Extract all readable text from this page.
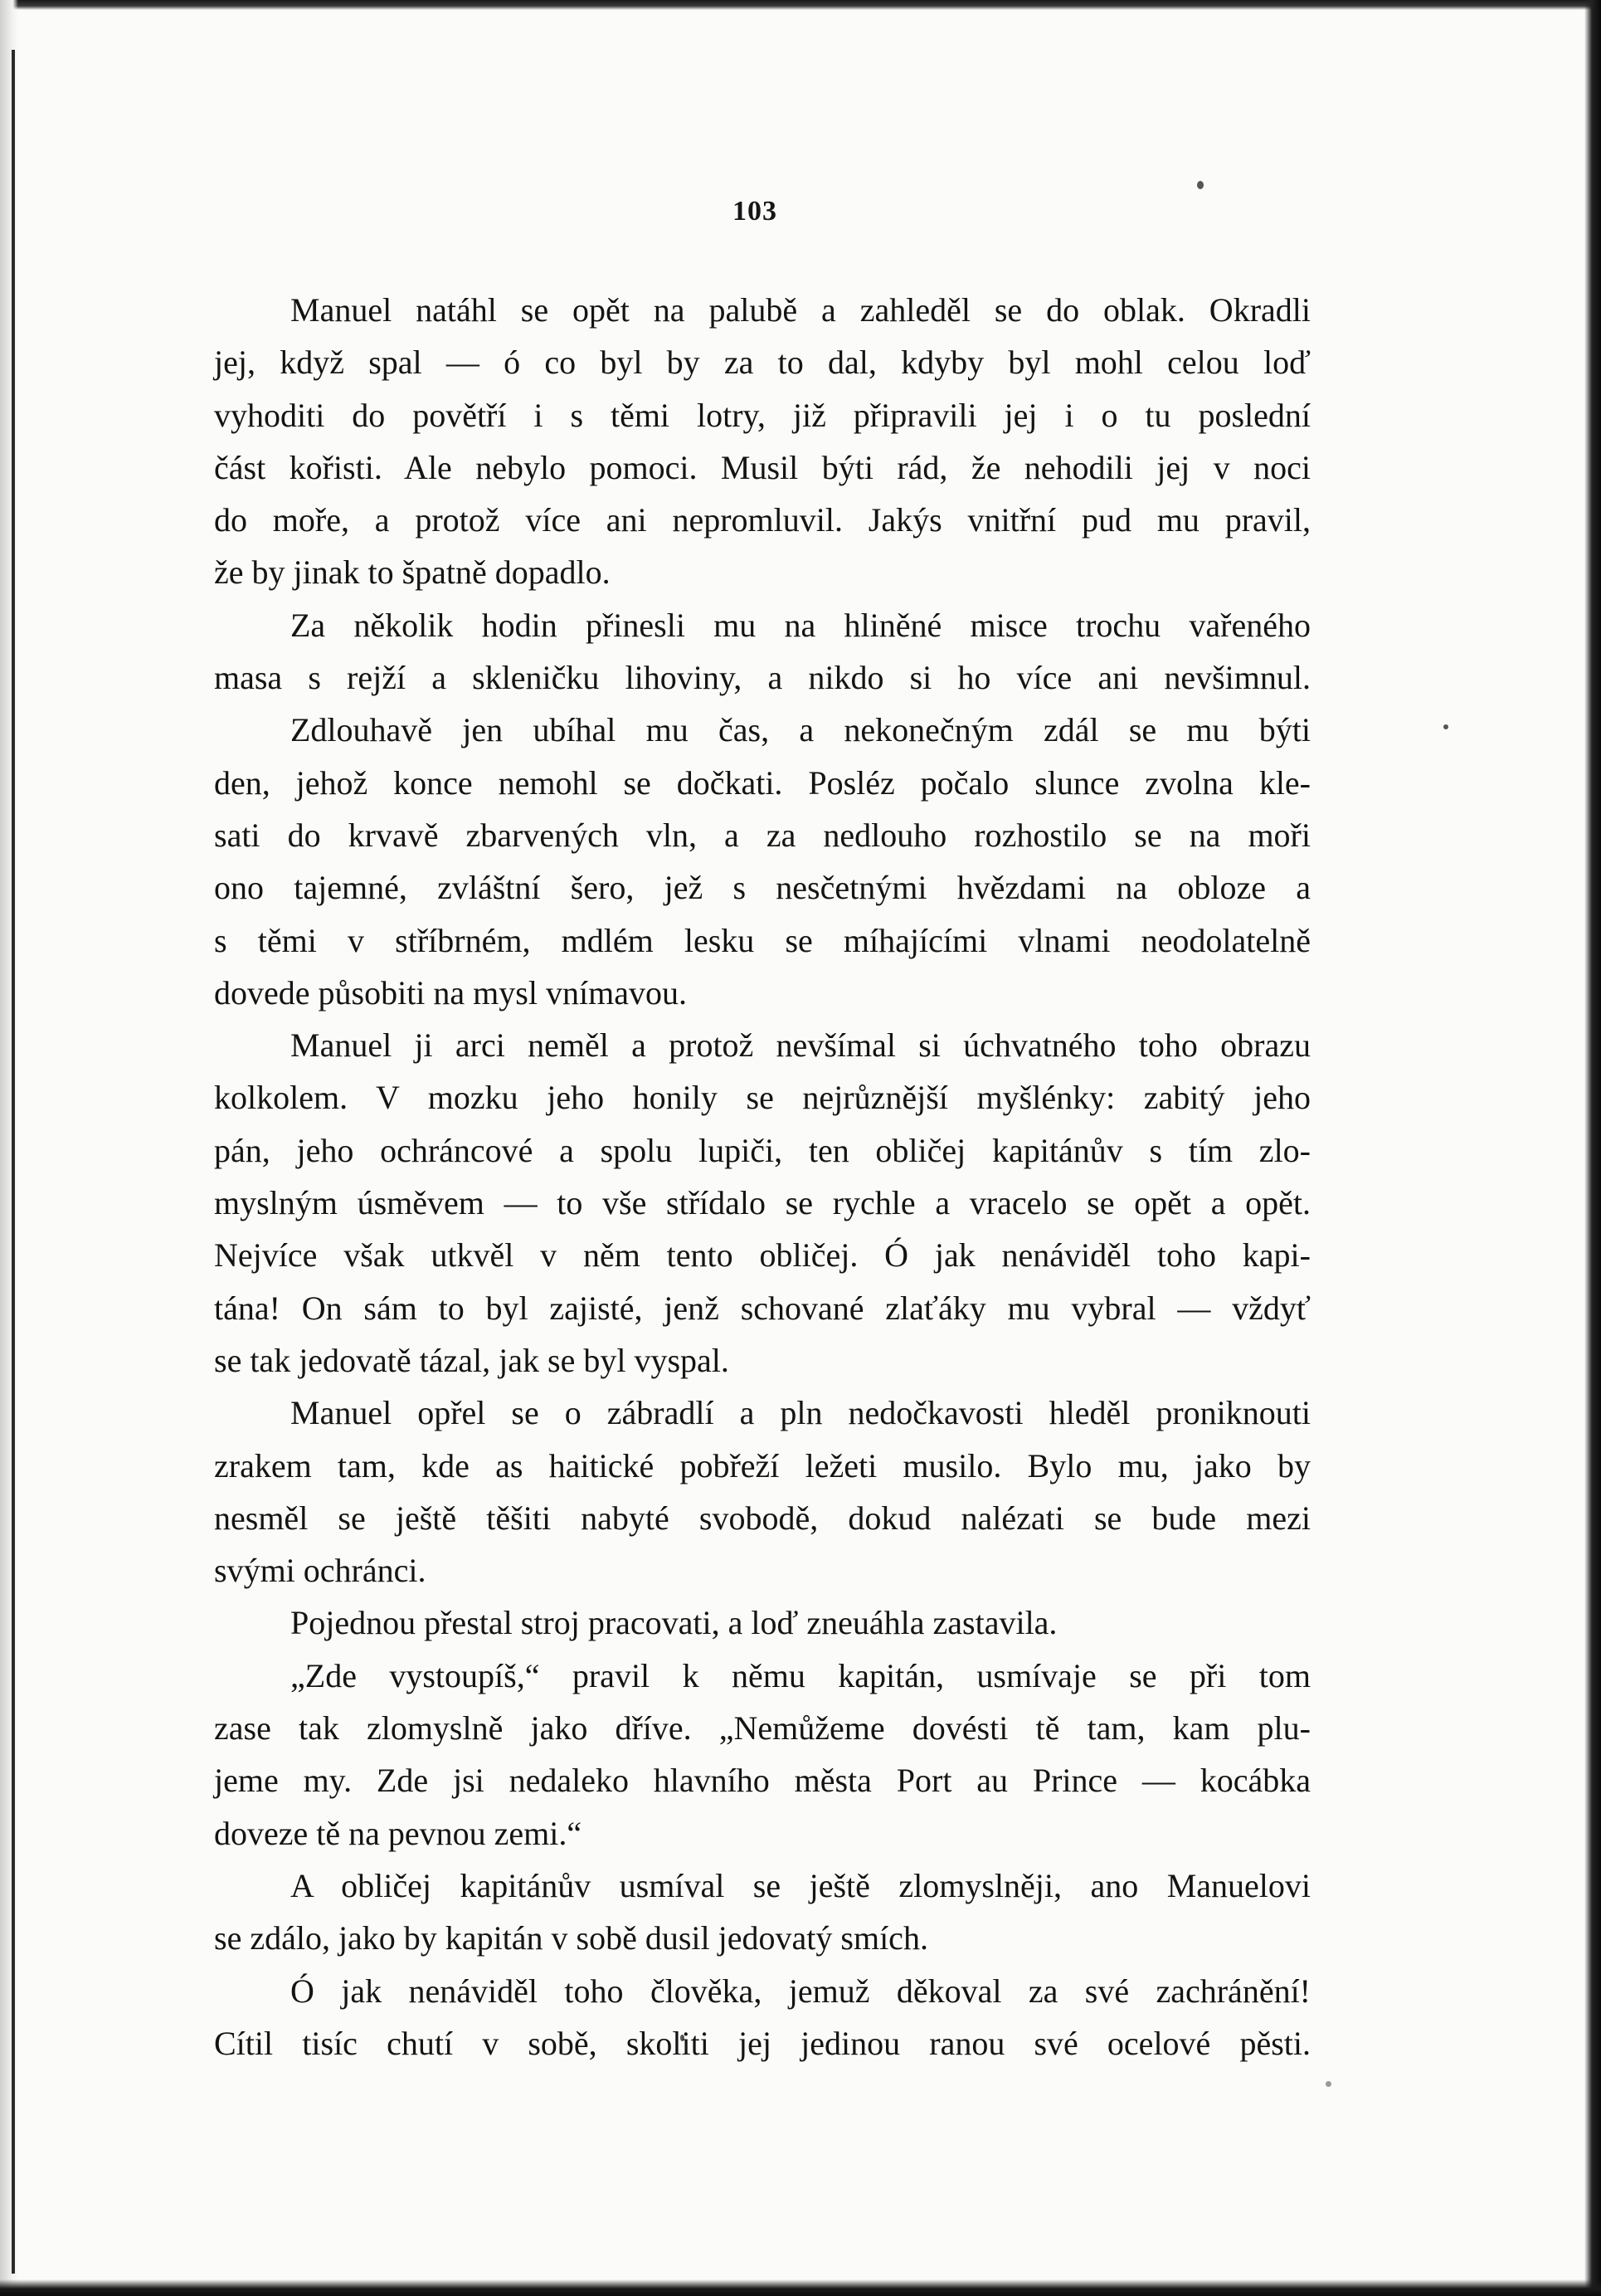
103
Manuel natáhl se opět na palubě a zahleděl se do oblak. Okradli
jej, když spal — ó co byl by za to dal, kdyby byl mohl celou loď
vyhoditi do povětří i s těmi lotry, již připravili jej i o tu poslední
část kořisti. Ale nebylo pomoci. Musil býti rád, že nehodili jej v noci
do moře, a protož více ani nepromluvil. Jakýs vnitřní pud mu pravil,
že by jinak to špatně dopadlo.
Za několik hodin přinesli mu na hliněné misce trochu vařeného
masa s rejží a skleničku lihoviny, a nikdo si ho více ani nevšimnul.
Zdlouhavě jen ubíhal mu čas, a nekonečným zdál se mu býti
den, jehož konce nemohl se dočkati. Posléz počalo slunce zvolna kle-
sati do krvavě zbarvených vln, a za nedlouho rozhostilo se na moři
ono tajemné, zvláštní šero, jež s nesčetnými hvězdami na obloze a
s těmi v stříbrném, mdlém lesku se míhajícími vlnami neodolatelně
dovede působiti na mysl vnímavou.
Manuel ji arci neměl a protož nevšímal si úchvatného toho obrazu
kolkolem. V mozku jeho honily se nejrůznější myšlénky: zabitý jeho
pán, jeho ochráncové a spolu lupiči, ten obličej kapitánův s tím zlo-
myslným úsměvem — to vše střídalo se rychle a vracelo se opět a opět.
Nejvíce však utkvěl v něm tento obličej. Ó jak nenáviděl toho kapi-
tána! On sám to byl zajisté, jenž schované zlaťáky mu vybral — vždyť
se tak jedovatě tázal, jak se byl vyspal.
Manuel opřel se o zábradlí a pln nedočkavosti hleděl proniknouti
zrakem tam, kde as haitické pobřeží ležeti musilo. Bylo mu, jako by
nesměl se ještě těšiti nabyté svobodě, dokud nalézati se bude mezi
svými ochránci.
Pojednou přestal stroj pracovati, a loď zneuáhla zastavila.
„Zde vystoupíš,“ pravil k němu kapitán, usmívaje se při tom
zase tak zlomyslně jako dříve. „Nemůžeme dovésti tě tam, kam plu-
jeme my. Zde jsi nedaleko hlavního města Port au Prince — kocábka
doveze tě na pevnou zemi.“
A obličej kapitánův usmíval se ještě zlomyslněji, ano Manuelovi
se zdálo, jako by kapitán v sobě dusil jedovatý smích.
Ó jak nenáviděl toho člověka, jemuž děkoval za své zachránění!
Cítil tisíc chutí v sobě, skoliti jej jedinou ranou své ocelové pěsti.
